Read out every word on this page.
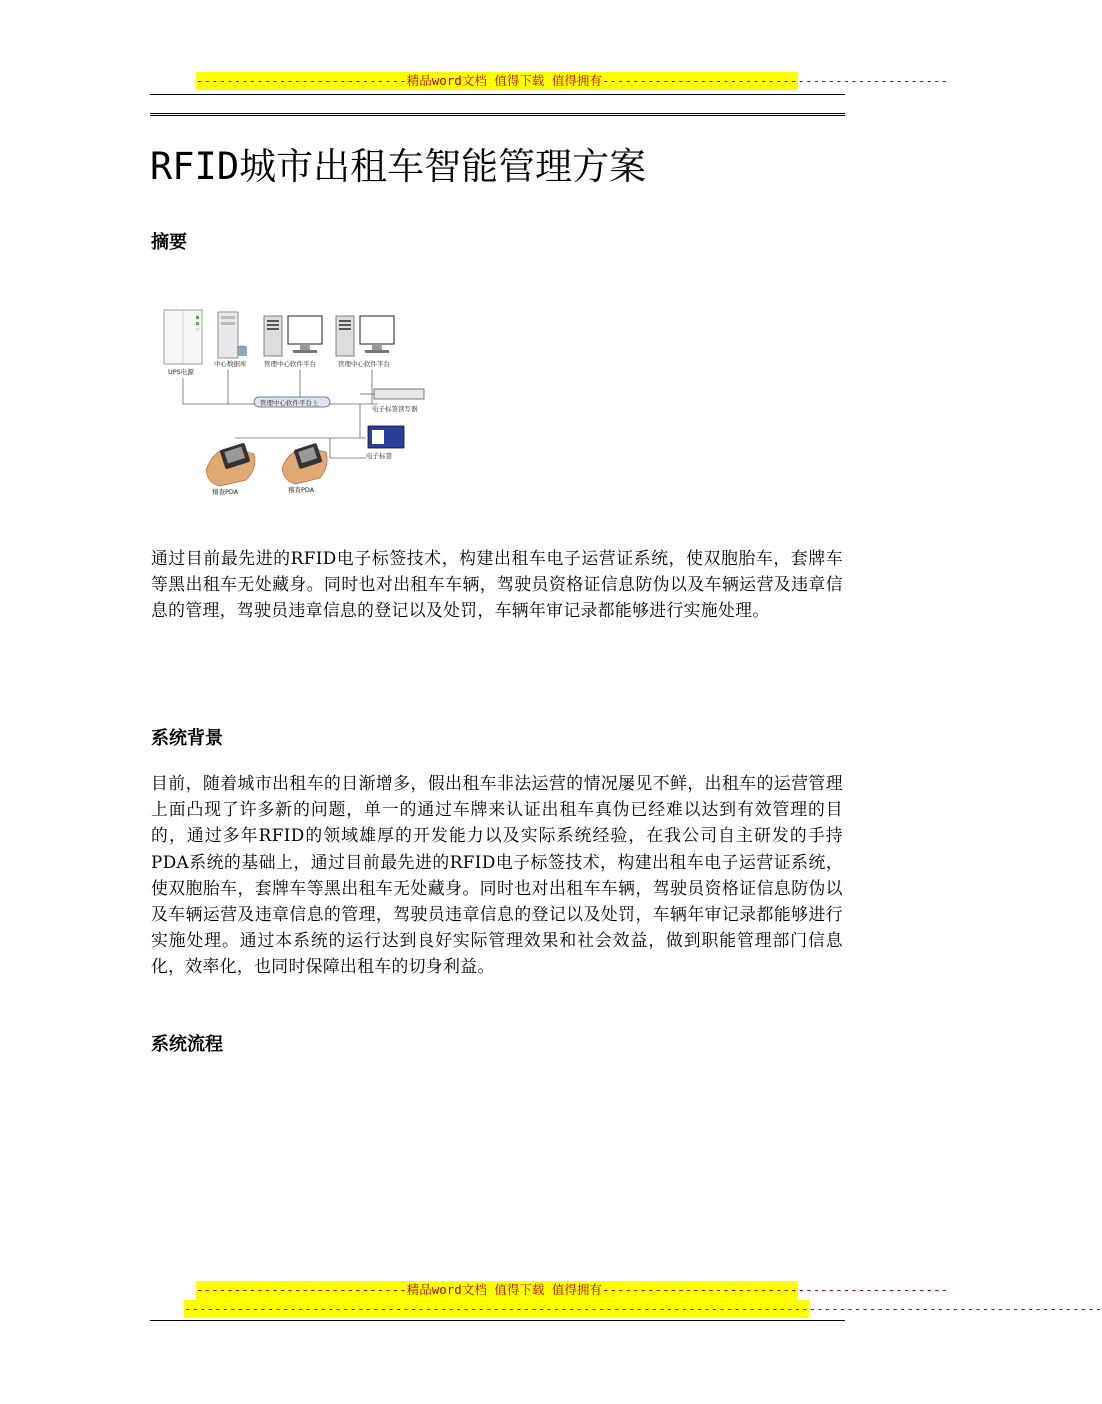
----------------------------精品word文档 值得下载 值得拥有----------------------------------------------
RFID城市出租车智能管理方案
摘要
UPS电源
中心数据库	管理中心软件平台	管理中心软件平台
管理中心软件平台上
电子标签读写器
电子标签
稽查PDA	稽查PDA

通过目前最先进的RFID电子标签技术，构建出租车电子运营证系统，使双胞胎车，套牌车等黑出租车无处藏身。同时也对出租车车辆，驾驶员资格证信息防伪以及车辆运营及违章信息的管理，驾驶员违章信息的登记以及处罚，车辆年审记录都能够进行实施处理。

系统背景

目前，随着城市出租车的日渐增多，假出租车非法运营的情况屡见不鲜，出租车的运营管理上面凸现了许多新的问题，单一的通过车牌来认证出租车真伪已经难以达到有效管理的目的，通过多年RFID的领域雄厚的开发能力以及实际系统经验，在我公司自主研发的手持PDA系统的基础上，通过目前最先进的RFID电子标签技术，构建出租车电子运营证系统，使双胞胎车，套牌车等黑出租车无处藏身。同时也对出租车车辆，驾驶员资格证信息防伪以及车辆运营及违章信息的管理，驾驶员违章信息的登记以及处罚，车辆年审记录都能够进行实施处理。通过本系统的运行达到良好实际管理效果和社会效益，做到职能管理部门信息化，效率化，也同时保障出租车的切身利益。

系统流程
----------------------------精品word文档 值得下载 值得拥有----------------------------------------------
--------------------------------------------------------------------------------------------------------------------------
